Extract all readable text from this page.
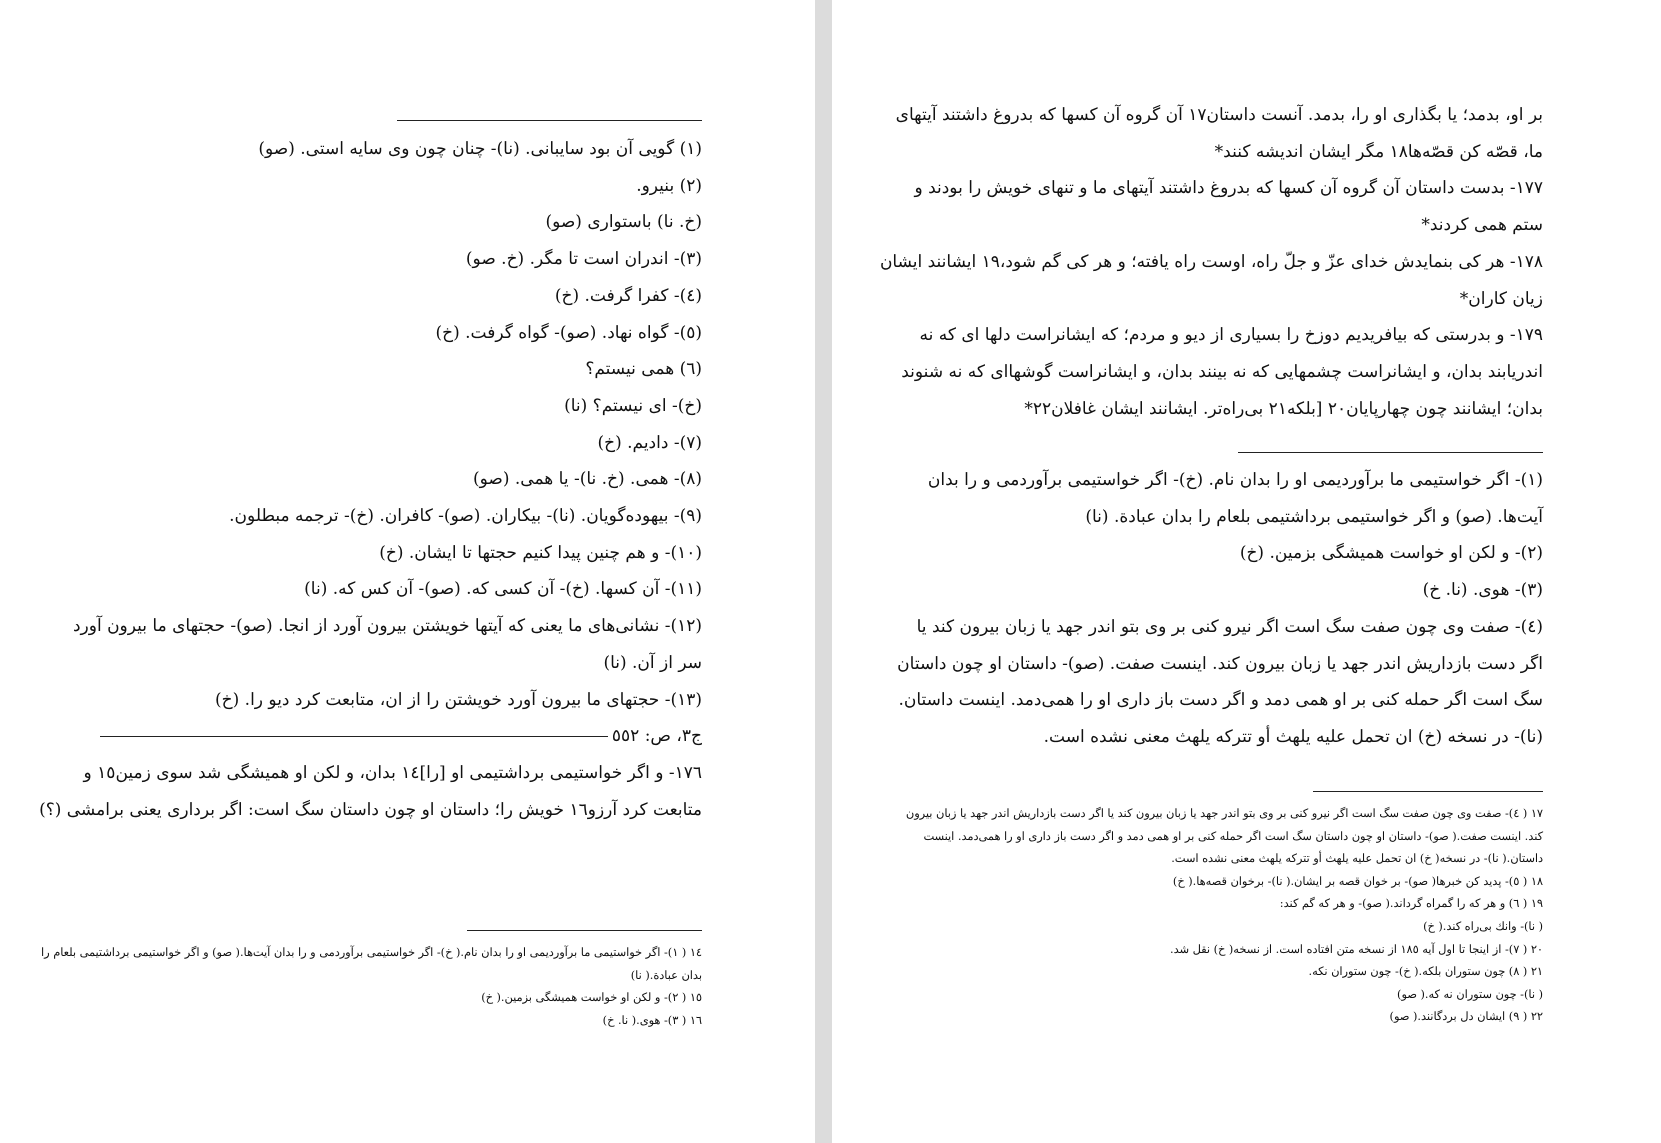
(١) گويى آن بود سايبانى. (نا)- چنان چون وى سايه استى. (صو)
(٢) بنيرو.
(خ. نا) باستوارى (صو)
(٣)- اندران است تا مگر. (خ. صو)
(٤)- كفرا گرفت. (خ)
(٥)- گواه نهاد. (صو)- گواه گرفت. (خ)
(٦) همى نيستم؟
(خ)- اى نيستم؟ (نا)
(٧)- داديم. (خ)
(٨)- همى. (خ. نا)- يا همى. (صو)
(٩)- بيهوده‌گويان. (نا)- بيكاران. (صو)- كافران. (خ)- ترجمه مبطلون.
(١٠)- و هم چنين پيدا كنيم حجتها تا ايشان. (خ)
(١١)- آن كسها. (خ)- آن كسى كه. (صو)- آن كس كه. (نا)
(١٢)- نشانى‌هاى ما يعنى كه آيتها خويشتن بيرون آورد از انجا. (صو)- حجتهاى ما بيرون آورد
سر از آن. (نا)
(١٣)- حجتهاى ما بيرون آورد خويشتن را از ان، متابعت كرد ديو را. (خ)
ج٣، ص: ٥٥٢
١٧٦- و اگر خواستيمى برداشتيمى او [را]١٤ بدان، و لكن او هميشگى شد سوى زمين١٥ و
متابعت كرد آرزو١٦ خويش را؛ داستان او چون داستان سگ است: اگر بردارى يعنى برامشى (؟)
١٤ ( ١)- اگر خواستيمى ما برآورديمى او را بدان نام.( خ)- اگر خواستيمى برآوردمى و را بدان آيت‌ها.( صو) و اگر خواستيمى برداشتيمى بلعام را
بدان عبادة.( نا)
١٥ ( ٢)- و لكن او خواست هميشگى بزمين.( خ)
١٦ ( ٣)- هوى.( نا. خ)
بر او، بدمد؛ يا بگذارى او را، بدمد. آنست داستان١٧ آن گروه آن كسها كه بدروغ داشتند آيتهاى
ما، قصّه كن قصّه‌ها١٨ مگر ايشان انديشه كنند*
١٧٧- بدست داستان آن گروه آن كسها كه بدروغ داشتند آيتهاى ما و تنهاى خويش را بودند و
ستم همى كردند*
١٧٨- هر كى بنمايدش خداى عزّ و جلّ راه، اوست راه يافته؛ و هر كى گم شود،١٩ ايشانند ايشان
زيان كاران*
١٧٩- و بدرستى كه بيافريديم دوزخ را بسيارى از ديو و مردم؛ كه ايشانراست دلها اى كه نه
اندريابند بدان، و ايشانراست چشمهايى كه نه بينند بدان، و ايشانراست گوشهااى كه نه شنوند
بدان؛ ايشانند چون چهارپايان٢٠ [بلكه٢١ بى‌راه‌تر. ايشانند ايشان غافلان٢٢*
(١)- اگر خواستيمى ما برآورديمى او را بدان نام. (خ)- اگر خواستيمى برآوردمى و را بدان
آيت‌ها. (صو) و اگر خواستيمى برداشتيمى بلعام را بدان عبادة. (نا)
(٢)- و لكن او خواست هميشگى بزمين. (خ)
(٣)- هوى. (نا. خ)
(٤)- صفت وى چون صفت سگ است اگر نيرو كنى بر وى بتو اندر جهد يا زبان بيرون كند يا
اگر دست بازداريش اندر جهد يا زبان بيرون كند. اينست صفت. (صو)- داستان او چون داستان
سگ است اگر حمله كنى بر او همى دمد و اگر دست باز دارى او را همى‌دمد. اينست داستان.
(نا)- در نسخه (خ) ان تحمل عليه يلهث أو تتركه يلهث معنى نشده است.
١٧ ( ٤)- صفت وى چون صفت سگ است اگر نيرو كنى بر وى بتو اندر جهد يا زبان بيرون كند يا اگر دست بازداريش اندر جهد يا زبان بيرون
كند. اينست صفت.( صو)- داستان او چون داستان سگ است اگر حمله كنى بر او همى دمد و اگر دست باز دارى او را همى‌دمد. اينست
داستان.( نا)- در نسخه( خ) ان تحمل عليه يلهث أو تتركه يلهث معنى نشده است.
١٨ ( ٥)- پديد كن خبرها( صو)- بر خوان قصه بر ايشان.( نا)- برخوان قصه‌ها.( خ)
١٩ ( ٦) و هر كه را گمراه گرداند.( صو)- و هر كه گم كند:
( نا)- وانك بى‌راه كند.( خ)
٢٠ ( ٧)- از اينجا تا اول آيه ١٨٥ از نسخه متن افتاده است. از نسخه( خ) نقل شد.
٢١ ( ٨) چون ستوران بلكه.( خ)- چون ستوران نكه.
( نا)- چون ستوران نه كه.( صو)
٢٢ ( ٩) ايشان دل بردگانند.( صو)
